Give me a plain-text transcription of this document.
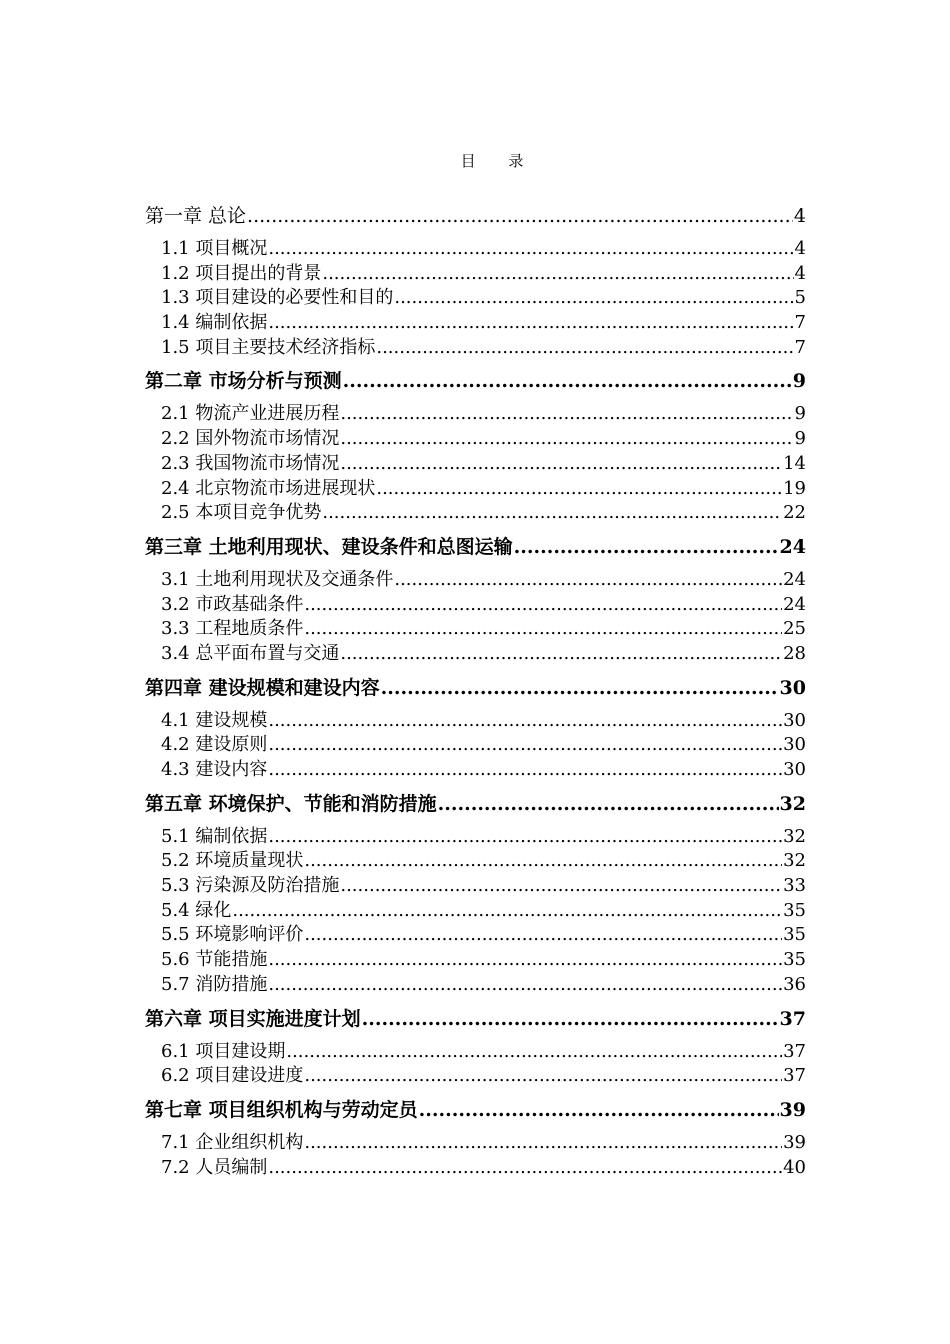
目 录
第一章 总论 .....	4
1.1 项目概况 .....	4
1.2 项目提出的背景 .....	4
1.3 项目建设的必要性和目的 .....	5
1.4 编制依据 .....	7
1.5 项目主要技术经济指标 .....	7
第二章 市场分析与预测 .....	9
2.1 物流产业进展历程 .....	9
2.2 国外物流市场情况 .....	9
2.3 我国物流市场情况 .....	14
2.4 北京物流市场进展现状 .....	19
2.5 本项目竞争优势 .....	22
第三章 土地利用现状、建设条件和总图运输 .....	24
3.1 土地利用现状及交通条件 .....	24
3.2 市政基础条件 .....	24
3.3 工程地质条件 .....	25
3.4 总平面布置与交通 .....	28
第四章 建设规模和建设内容 .....	30
4.1 建设规模 .....	30
4.2 建设原则 .....	30
4.3 建设内容 .....	30
第五章 环境保护、节能和消防措施 .....	32
5.1 编制依据 .....	32
5.2 环境质量现状 .....	32
5.3 污染源及防治措施 .....	33
5.4 绿化 .....	35
5.5 环境影响评价 .....	35
5.6 节能措施 .....	35
5.7 消防措施 .....	36
第六章 项目实施进度计划 .....	37
6.1 项目建设期 .....	37
6.2 项目建设进度 .....	37
第七章 项目组织机构与劳动定员 .....	39
7.1 企业组织机构 .....	39
7.2 人员编制 .....	40
